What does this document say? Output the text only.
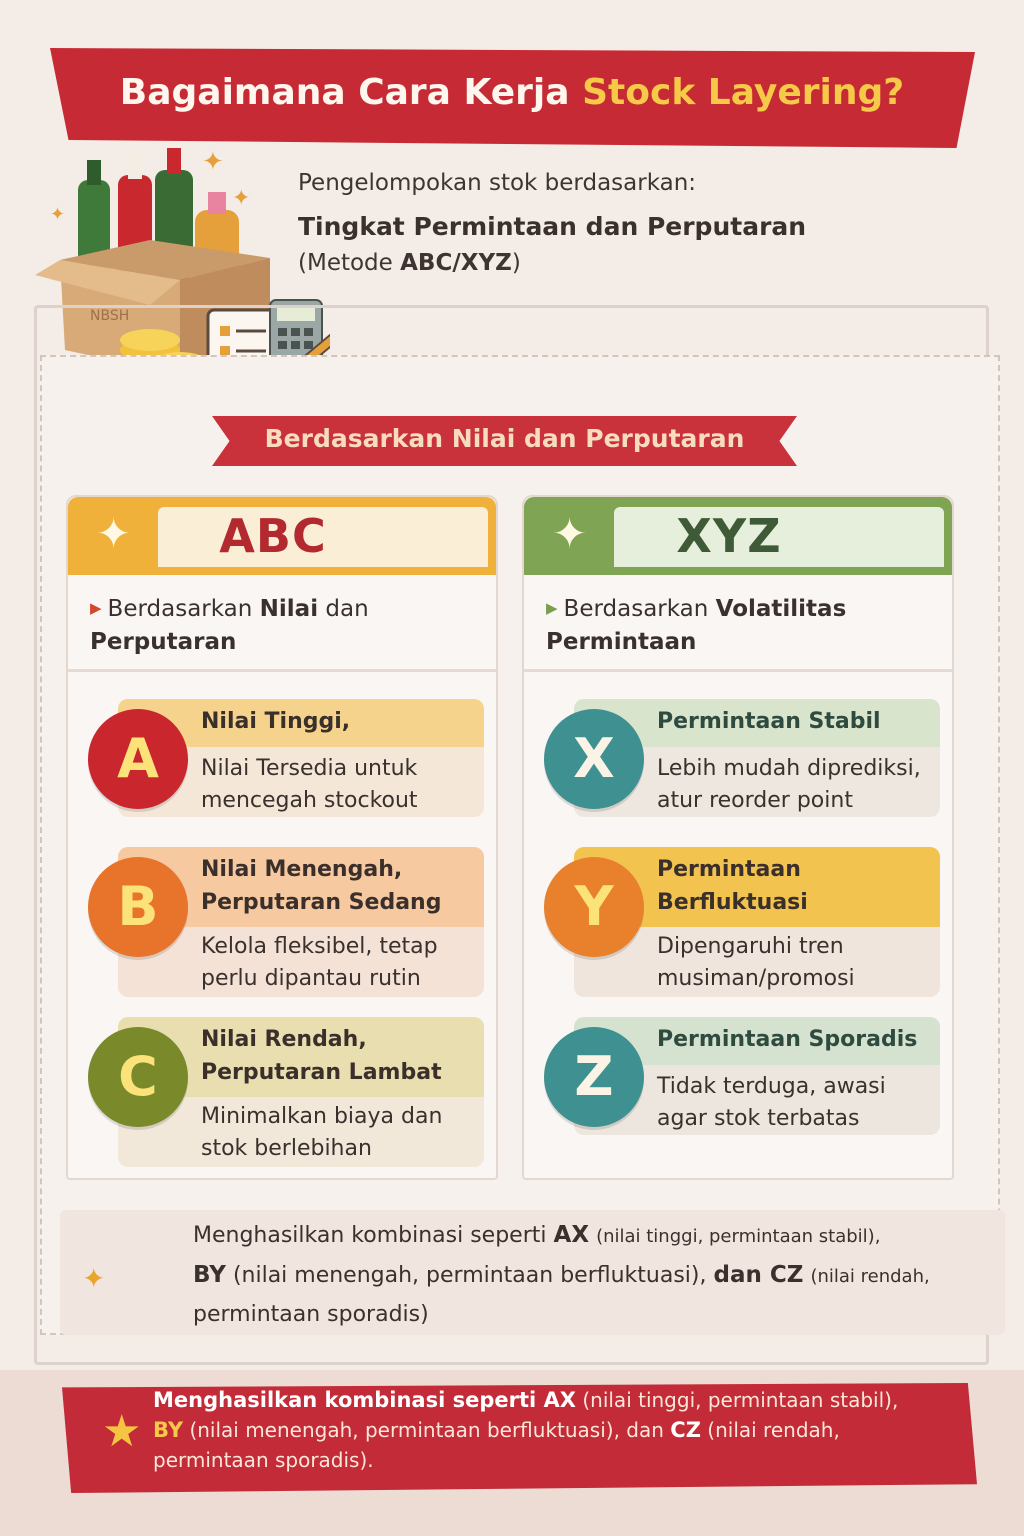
Bagaimana Cara Kerja Stock Layering?
NBSH
✦
✦
✦
Pengelompokan stok berdasarkan:
Tingkat Permintaan dan Perputaran
(Metode ABC/XYZ)
Berdasarkan Nilai dan Perputaran
✦	ABC
▶ Berdasarkan Nilai dan
Perputaran
A
Nilai Tinggi,
Nilai Tersedia untuk mencegah stockout
B
Nilai Menengah, Perputaran Sedang
Kelola fleksibel, tetap perlu dipantau rutin
C
Nilai Rendah, Perputaran Lambat
Minimalkan biaya dan stok berlebihan
✦	XYZ
▶ Berdasarkan Volatilitas Permintaan
X
Permintaan Stabil
Lebih mudah diprediksi, atur reorder point
Y
Permintaan Berfluktuasi
Dipengaruhi tren musiman/promosi
Z
Permintaan Sporadis
Tidak terduga, awasi agar stok terbatas
✦
Menghasilkan kombinasi seperti AX (nilai tinggi, permintaan stabil),
BY (nilai menengah, permintaan berfluktuasi), dan CZ (nilai rendah,
permintaan sporadis)
★
Menghasilkan kombinasi seperti AX (nilai tinggi, permintaan stabil),
BY (nilai menengah, permintaan berfluktuasi), dan CZ (nilai rendah,
permintaan sporadis).
